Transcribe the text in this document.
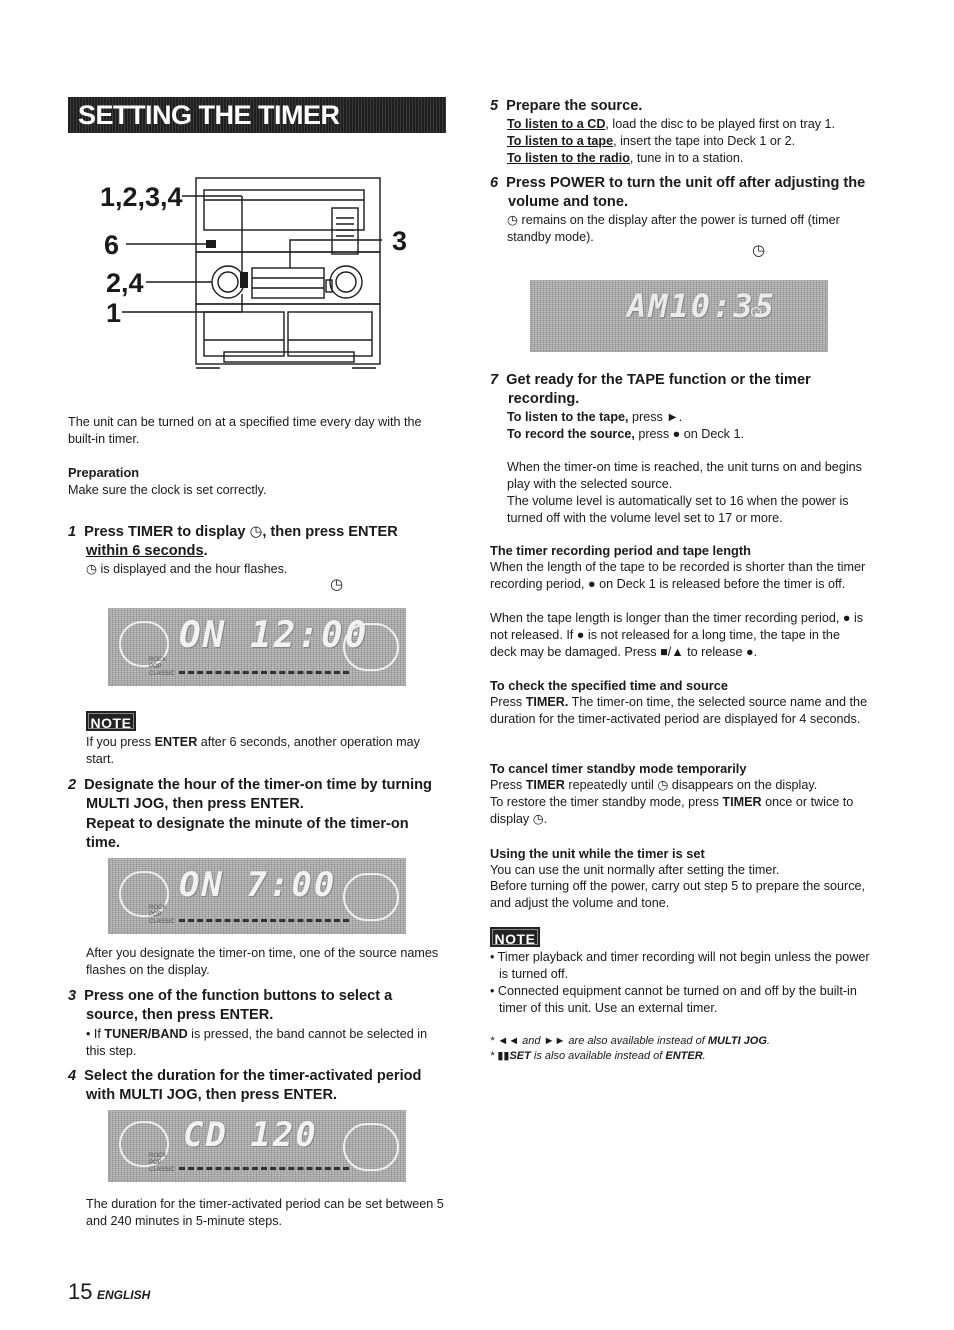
SETTING THE TIMER
1,2,3,4
6
2,4
1
3
The unit can be turned on at a specified time every day with the built-in timer.
Preparation
Make sure the clock is set correctly.
1 Press TIMER to display ◷, then press ENTER
within 6 seconds.
◷ is displayed and the hour flashes.
◷
ON 12:00
ROCK
POP
CLASSIC
NOTE
If you press ENTER after 6 seconds, another operation may start.
2 Designate the hour of the timer-on time by turning MULTI JOG, then press ENTER.
Repeat to designate the minute of the timer-on time.
ON 7:00
ROCK
POP
CLASSIC
After you designate the timer-on time, one of the source names flashes on the display.
3 Press one of the function buttons to select a source, then press ENTER.
• If TUNER/BAND is pressed, the band cannot be selected in this step.
4 Select the duration for the timer-activated period with MULTI JOG, then press ENTER.
CD 120
ROCK
POP
CLASSIC
The duration for the timer-activated period can be set between 5 and 240 minutes in 5-minute steps.
5 Prepare the source.
To listen to a CD, load the disc to be played first on tray 1.
To listen to a tape, insert the tape into Deck 1 or 2.
To listen to the radio, tune in to a station.
6 Press POWER to turn the unit off after adjusting the volume and tone.
◷ remains on the display after the power is turned off (timer standby mode).
◷
AM10:35
7 Get ready for the TAPE function or the timer recording.
To listen to the tape, press ►.
To record the source, press ● on Deck 1.
When the timer-on time is reached, the unit turns on and begins play with the selected source.
The volume level is automatically set to 16 when the power is turned off with the volume level set to 17 or more.
The timer recording period and tape length
When the length of the tape to be recorded is shorter than the timer recording period, ● on Deck 1 is released before the timer is off.
When the tape length is longer than the timer recording period, ● is not released. If ● is not released for a long time, the tape in the deck may be damaged. Press ■/▲ to release ●.
To check the specified time and source
Press TIMER. The timer-on time, the selected source name and the duration for the timer-activated period are displayed for 4 seconds.
To cancel timer standby mode temporarily
Press TIMER repeatedly until ◷ disappears on the display.
To restore the timer standby mode, press TIMER once or twice to display ◷.
Using the unit while the timer is set
You can use the unit normally after setting the timer.
Before turning off the power, carry out step 5 to prepare the source, and adjust the volume and tone.
NOTE
• Timer playback and timer recording will not begin unless the power is turned off.
• Connected equipment cannot be turned on and off by the built-in timer of this unit. Use an external timer.
* ◄◄ and ►► are also available instead of MULTI JOG.
* ▮▮SET is also available instead of ENTER.
15 ENGLISH
